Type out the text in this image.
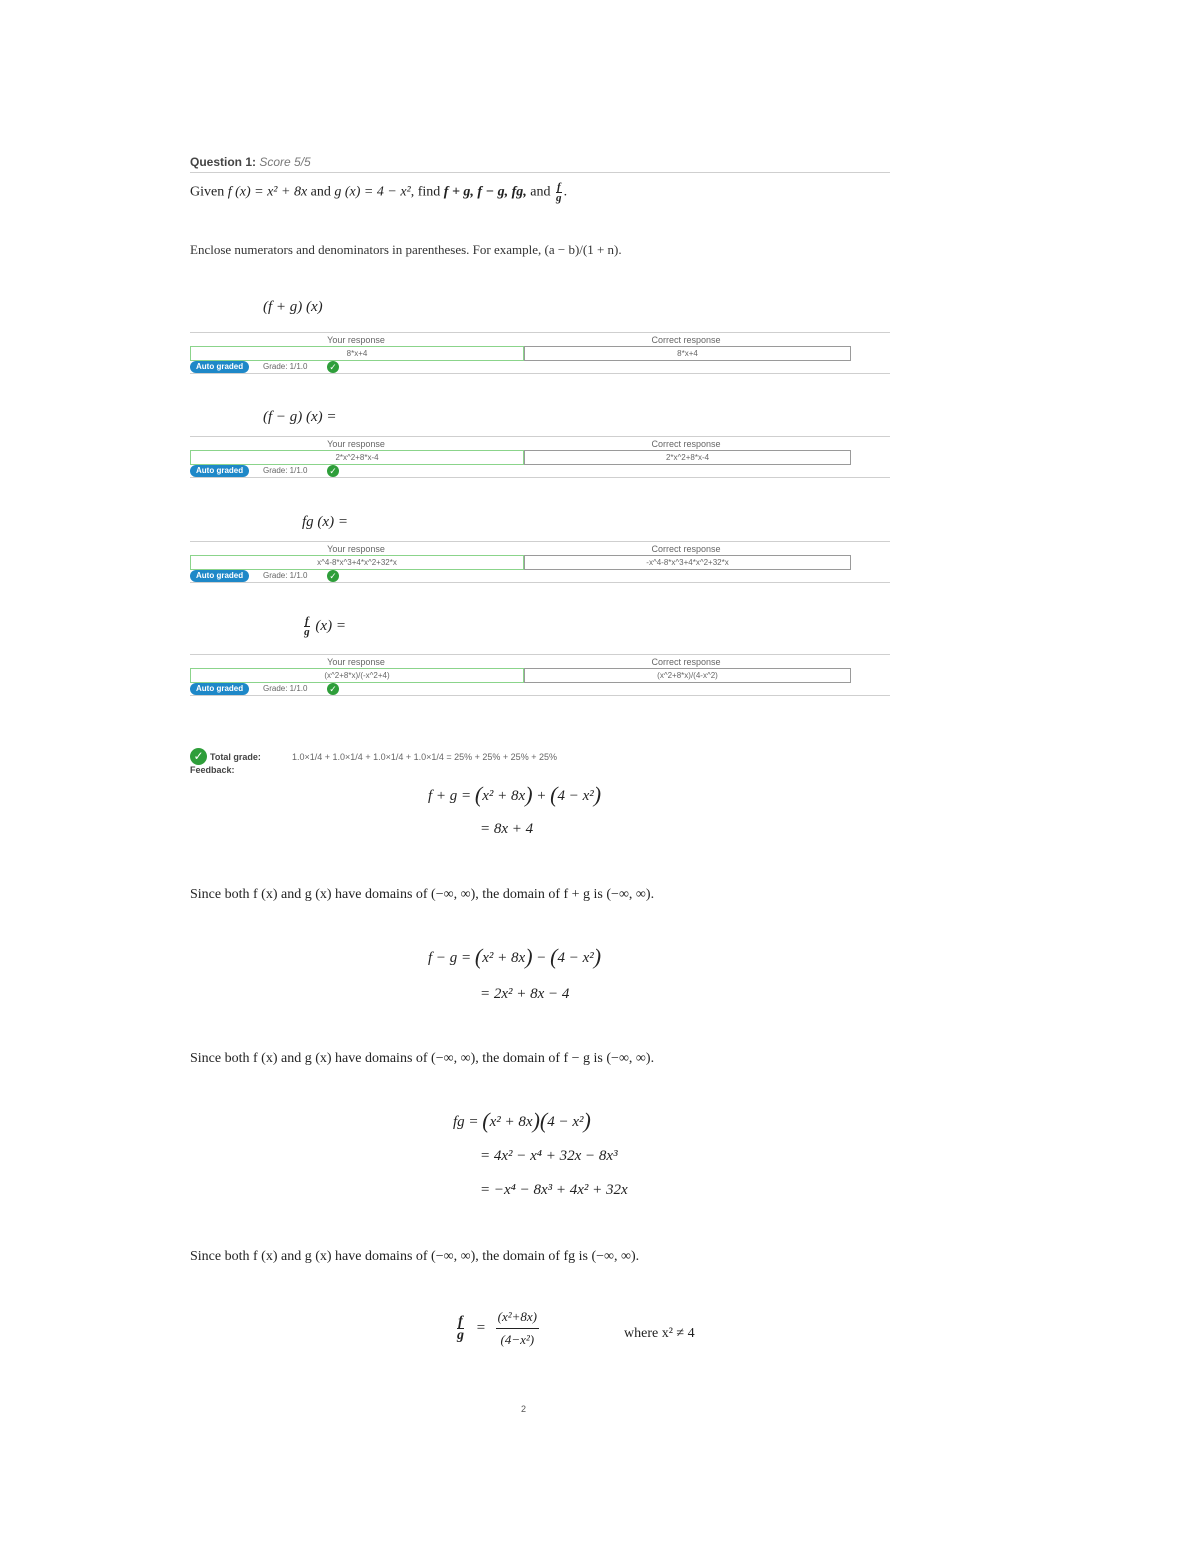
Question 1: Score 5/5
Given f (x) = x² + 8x and g (x) = 4 − x², find f + g, f − g, fg, and $\frac{f}{g}$ .
Enclose numerators and denominators in parentheses. For example, (a − b)/(1 + n).
(f + g) (x)
Your response	Correct response
8*x+4	8*x+4
Auto graded	Grade: 1/1.0 ✓
(f − g) (x) =
Your response	Correct response
2*x^2+8*x-4	2*x^2+8*x-4
Auto graded	Grade: 1/1.0 ✓
fg (x) =
Your response	Correct response
x^4-8*x^3+4*x^2+32*x	-x^4-8*x^3+4*x^2+32*x
Auto graded	Grade: 1/1.0 ✓
$\frac{f}{g} (x)$ =
Your response	Correct response
(x^2+8*x)/(-x^2+4)	(x^2+8*x)/(4-x^2)
Auto graded	Grade: 1/1.0 ✓
✓ Total grade:	1.0×1/4 + 1.0×1/4 + 1.0×1/4 + 1.0×1/4 = 25% + 25% + 25% + 25%
Feedback:
f + g = (x² + 8x) + (4 − x²)
= 8x + 4
Since both f (x) and g (x) have domains of (−∞, ∞), the domain of f + g is (−∞, ∞).
f − g = (x² + 8x) − (4 − x²)
= 2x² + 8x − 4
Since both f (x) and g (x) have domains of (−∞, ∞), the domain of f − g is (−∞, ∞).
fg = (x² + 8x)(4 − x²)
= 4x² − x⁴ + 32x − 8x³
= −x⁴ − 8x³ + 4x² + 32x
Since both f (x) and g (x) have domains of (−∞, ∞), the domain of fg is (−∞, ∞).
$\frac{f}{g} = \frac{\text{(x²+8x)}}{\text{(4−x²)}}$	where x² ≠ 4
2
